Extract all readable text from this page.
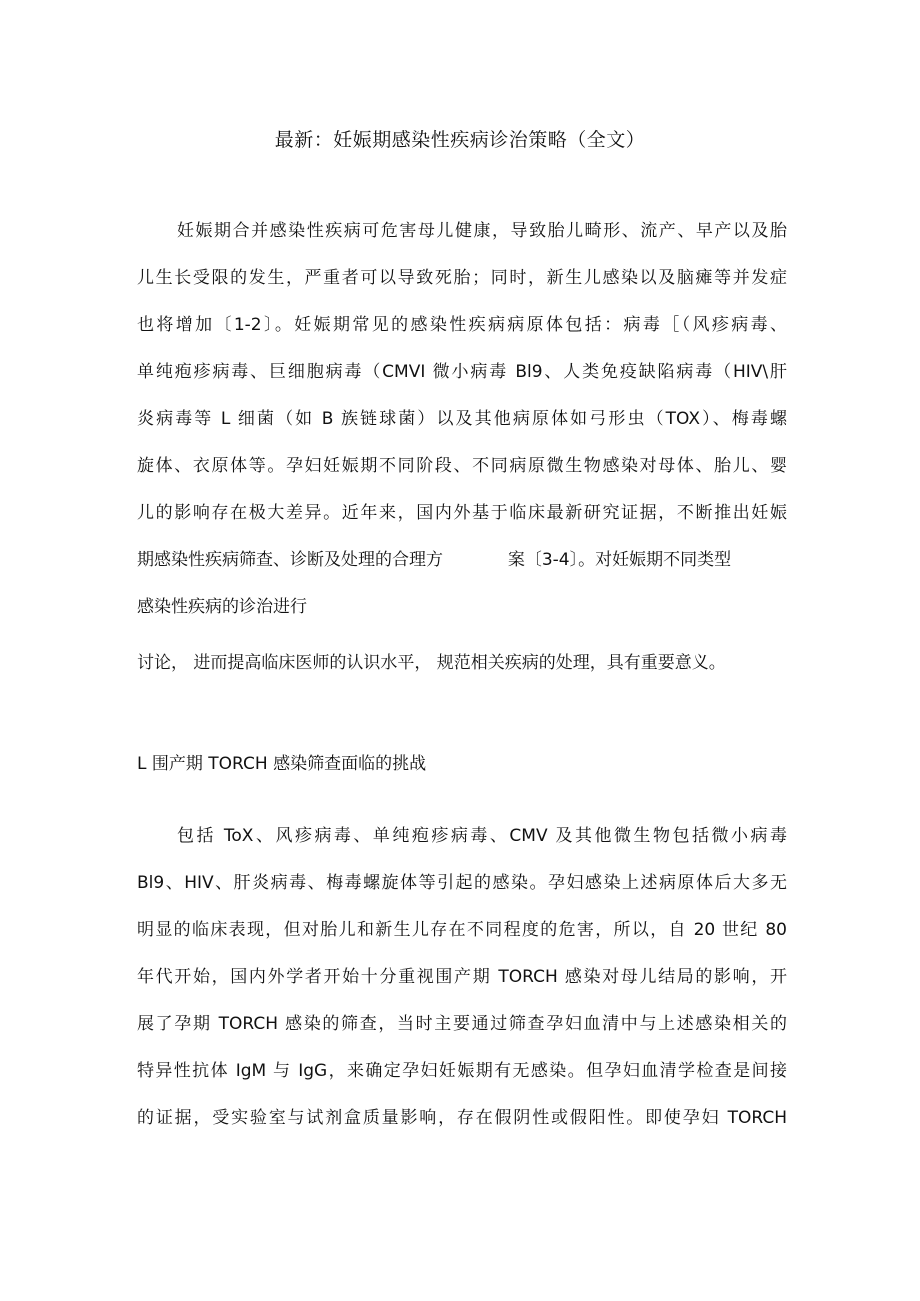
最新：妊娠期感染性疾病诊治策略（全文）
妊娠期合并感染性疾病可危害母儿健康，导致胎儿畸形、流产、早产以及胎
儿生长受限的发生，严重者可以导致死胎；同时，新生儿感染以及脑瘫等并发症
也将增加〔1-2〕。妊娠期常见的感染性疾病病原体包括：病毒［（风疹病毒、
单纯疱疹病毒、巨细胞病毒（CMVI 微小病毒 Bl9、人类免疫缺陷病毒（HIV\肝
炎病毒等 L 细菌（如 B 族链球菌）以及其他病原体如弓形虫（TOX）、梅毒螺
旋体、衣原体等。孕妇妊娠期不同阶段、不同病原微生物感染对母体、胎儿、婴
儿的影响存在极大差异。近年来，国内外基于临床最新研究证据，不断推出妊娠
期感染性疾病筛查、诊断及处理的合理方            案〔3-4〕。对妊娠期不同类型
感染性疾病的诊治进行
讨论， 进而提高临床医师的认识水平， 规范相关疾病的处理，具有重要意义。
L 围产期 TORCH 感染筛查面临的挑战
包括 ToX、风疹病毒、单纯疱疹病毒、CMV 及其他微生物包括微小病毒
Bl9、HIV、肝炎病毒、梅毒螺旋体等引起的感染。孕妇感染上述病原体后大多无
明显的临床表现，但对胎儿和新生儿存在不同程度的危害，所以，自 20 世纪 80
年代开始，国内外学者开始十分重视围产期 TORCH 感染对母儿结局的影响，开
展了孕期 TORCH 感染的筛查，当时主要通过筛查孕妇血清中与上述感染相关的
特异性抗体 IgM 与 IgG，来确定孕妇妊娠期有无感染。但孕妇血清学检查是间接
的证据，受实验室与试剂盒质量影响，存在假阴性或假阳性。即使孕妇 TORCH
